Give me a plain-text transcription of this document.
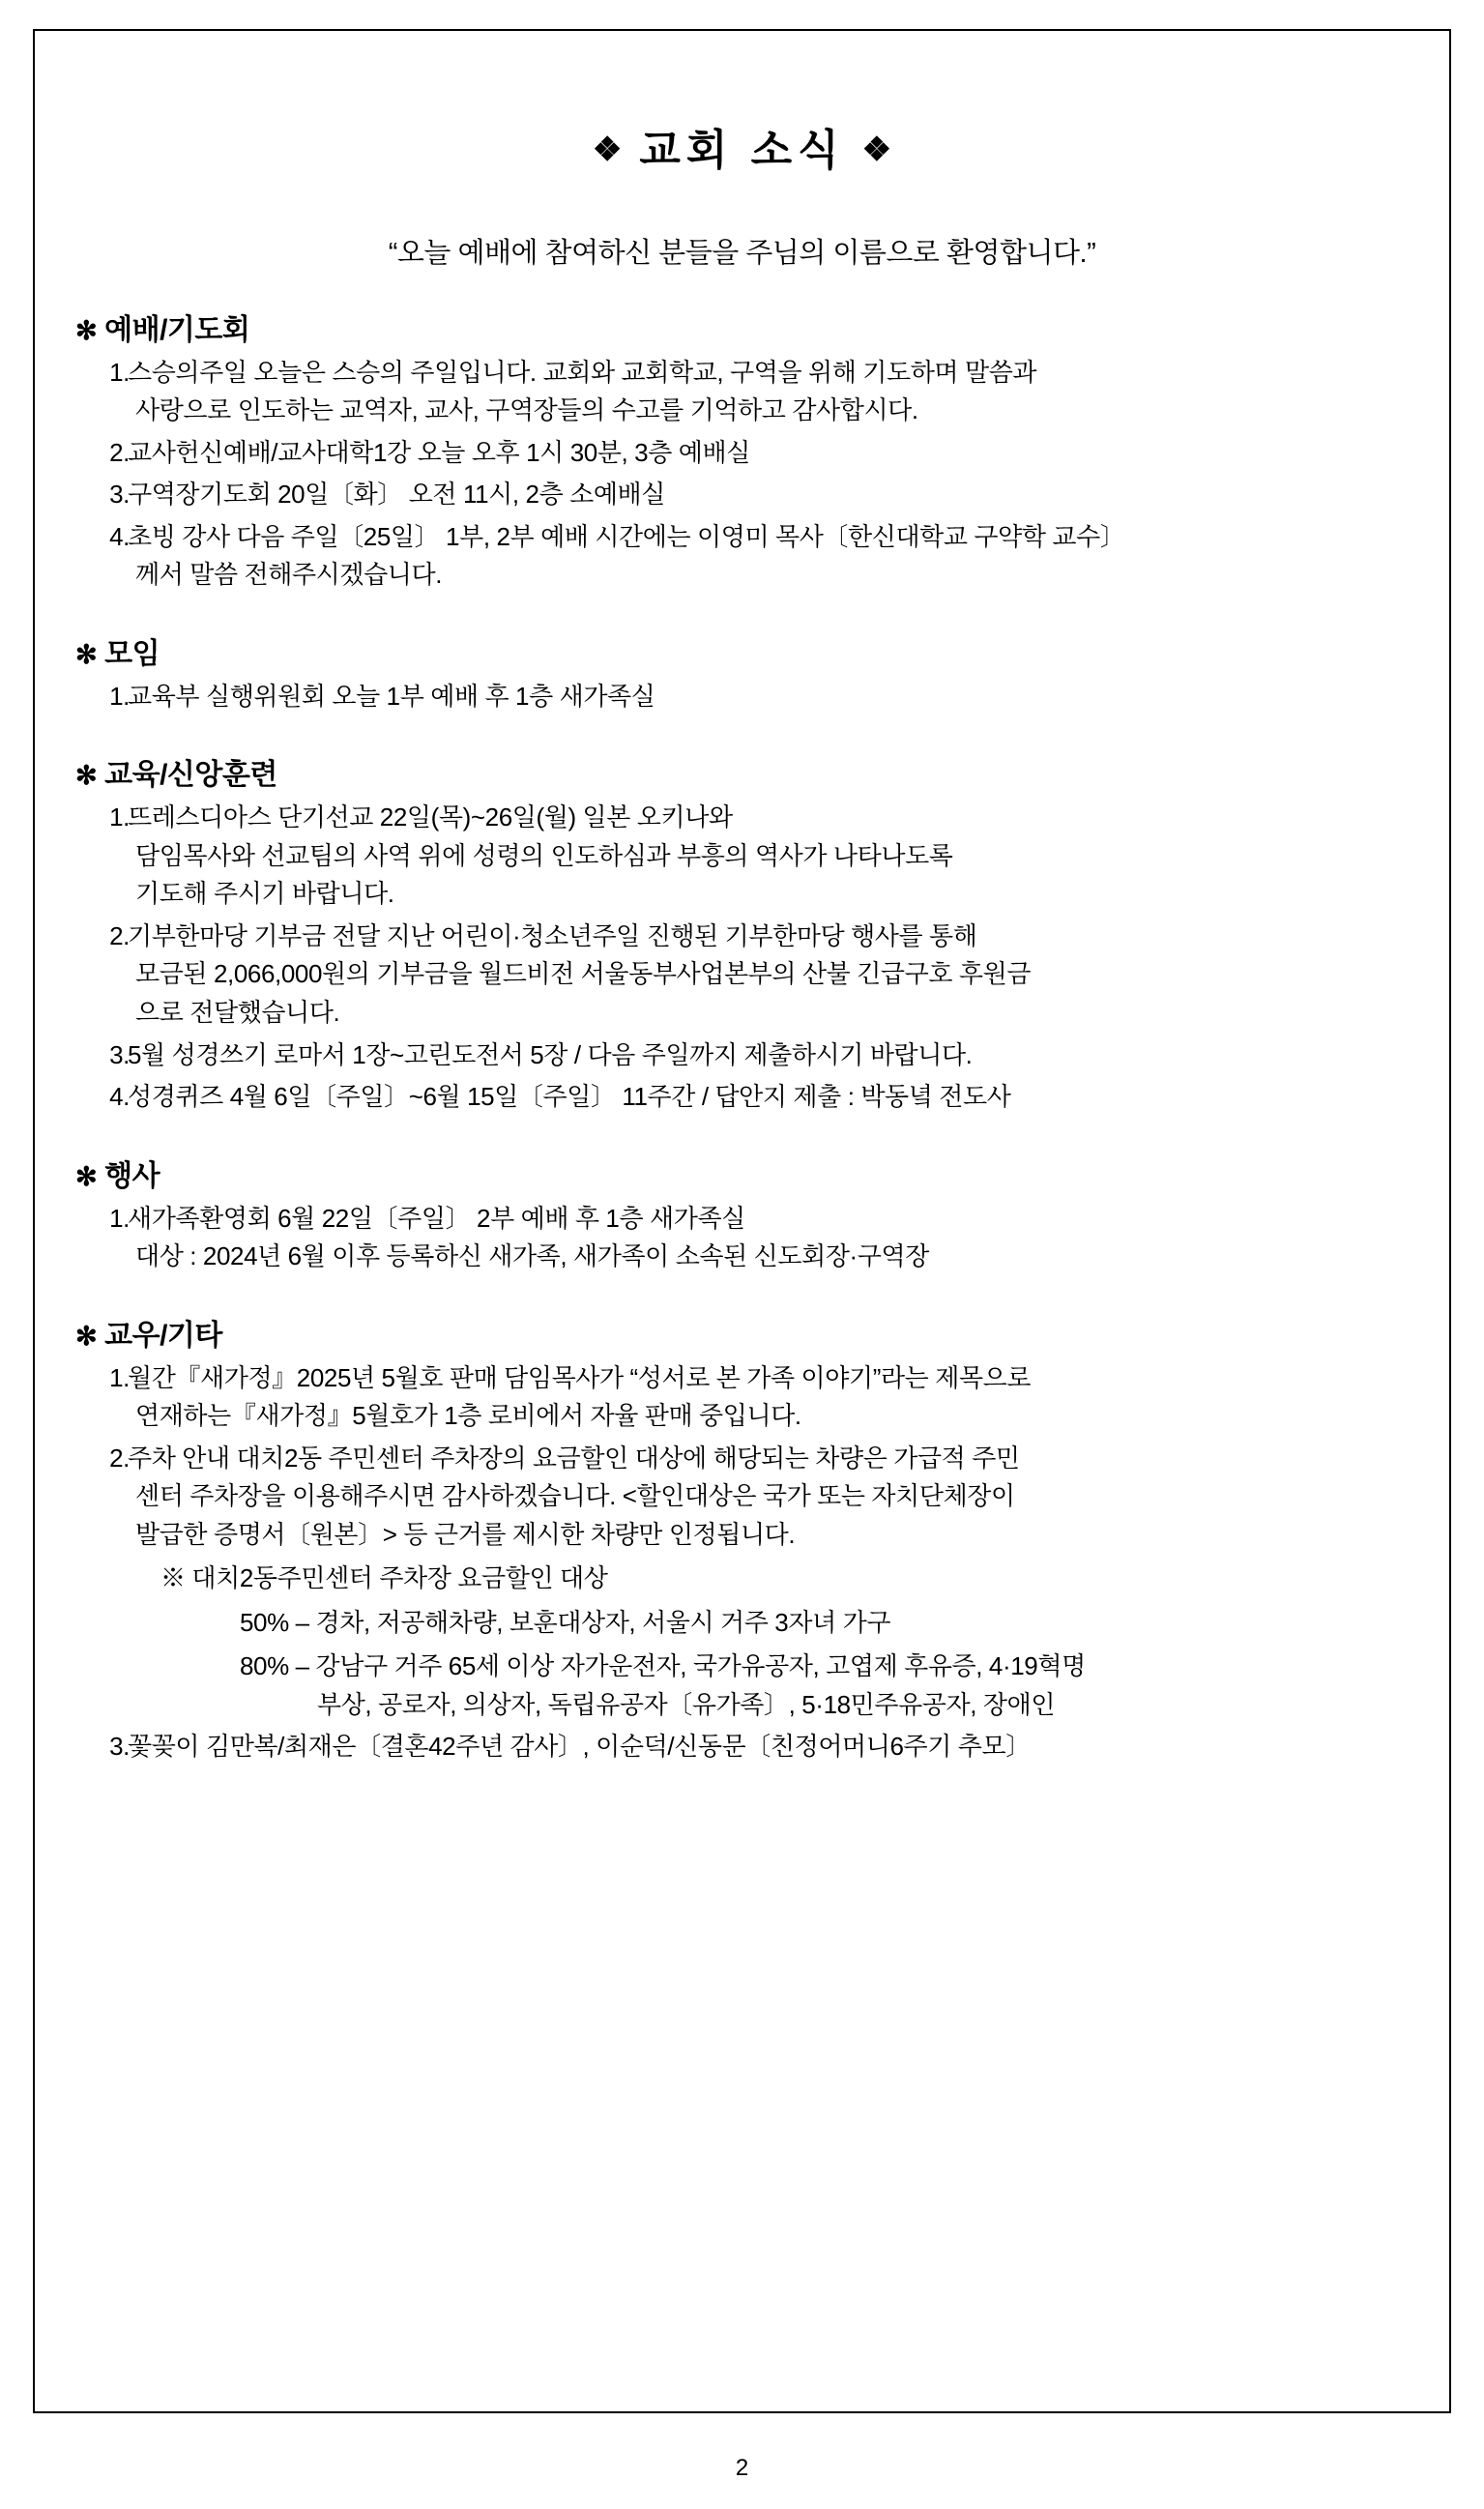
❖ 교회 소식 ❖
“오늘 예배에 참여하신 분들을 주님의 이름으로 환영합니다.”
✻ 예배/기도회
1.
스승의주일 오늘은 스승의 주일입니다. 교회와 교회학교, 구역을 위해 기도하며 말씀과
사랑으로 인도하는 교역자, 교사, 구역장들의 수고를 기억하고 감사합시다.
2.
교사헌신예배/교사대학1강 오늘 오후 1시 30분, 3층 예배실
3.
구역장기도회 20일〔화〕 오전 11시, 2층 소예배실
4.
초빙 강사 다음 주일〔25일〕 1부, 2부 예배 시간에는 이영미 목사〔한신대학교 구약학 교수〕
께서 말씀 전해주시겠습니다.
✻ 모임
1.
교육부 실행위원회 오늘 1부 예배 후 1층 새가족실
✻ 교육/신앙훈련
1.
뜨레스디아스 단기선교 22일(목)~26일(월) 일본 오키나와
담임목사와 선교팀의 사역 위에 성령의 인도하심과 부흥의 역사가 나타나도록
기도해 주시기 바랍니다.
2.
기부한마당 기부금 전달 지난 어린이·청소년주일 진행된 기부한마당 행사를 통해
모금된 2,066,000원의 기부금을 월드비전 서울동부사업본부의 산불 긴급구호 후원금
으로 전달했습니다.
3.
5월 성경쓰기 로마서 1장~고린도전서 5장 / 다음 주일까지 제출하시기 바랍니다.
4.
성경퀴즈 4월 6일〔주일〕~6월 15일〔주일〕 11주간 / 답안지 제출 : 박동녘 전도사
✻ 행사
1.
새가족환영회 6월 22일〔주일〕 2부 예배 후 1층 새가족실
대상 : 2024년 6월 이후 등록하신 새가족, 새가족이 소속된 신도회장·구역장
✻ 교우/기타
1.
월간『새가정』2025년 5월호 판매 담임목사가 “성서로 본 가족 이야기”라는 제목으로
연재하는『새가정』5월호가 1층 로비에서 자율 판매 중입니다.
2.
주차 안내 대치2동 주민센터 주차장의 요금할인 대상에 해당되는 차량은 가급적 주민
센터 주차장을 이용해주시면 감사하겠습니다. <할인대상은 국가 또는 자치단체장이
발급한 증명서〔원본〕> 등 근거를 제시한 차량만 인정됩니다.
※ 대치2동주민센터 주차장 요금할인 대상
50% – 경차, 저공해차량, 보훈대상자, 서울시 거주 3자녀 가구
80% – 강남구 거주 65세 이상 자가운전자, 국가유공자, 고엽제 후유증, 4·19혁명
부상, 공로자, 의상자, 독립유공자〔유가족〕, 5·18민주유공자, 장애인
3.
꽃꽂이 김만복/최재은〔결혼42주년 감사〕, 이순덕/신동문〔친정어머니6주기 추모〕
2
